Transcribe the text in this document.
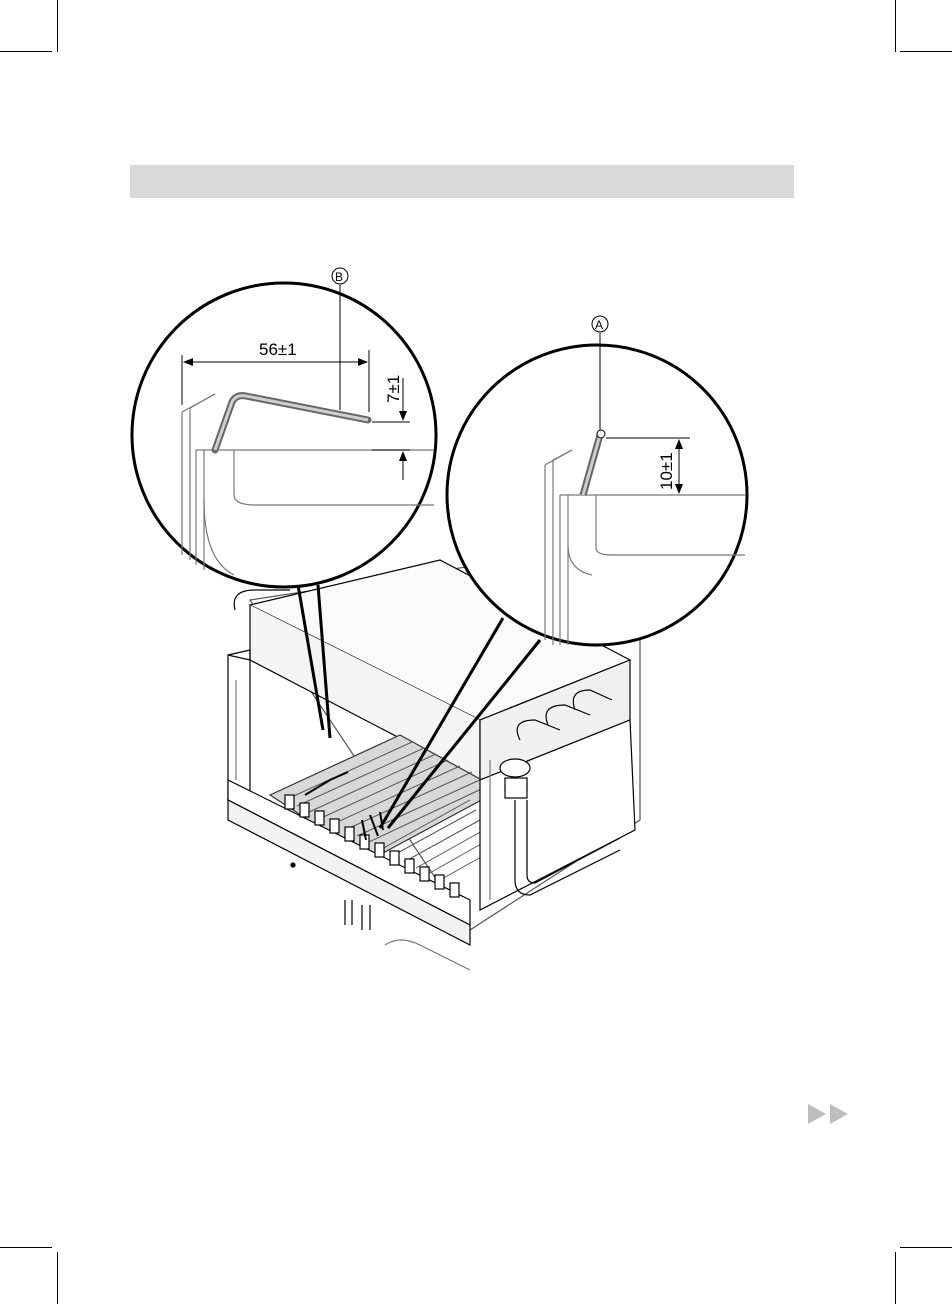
56±1
7±1
B
10±1
A
